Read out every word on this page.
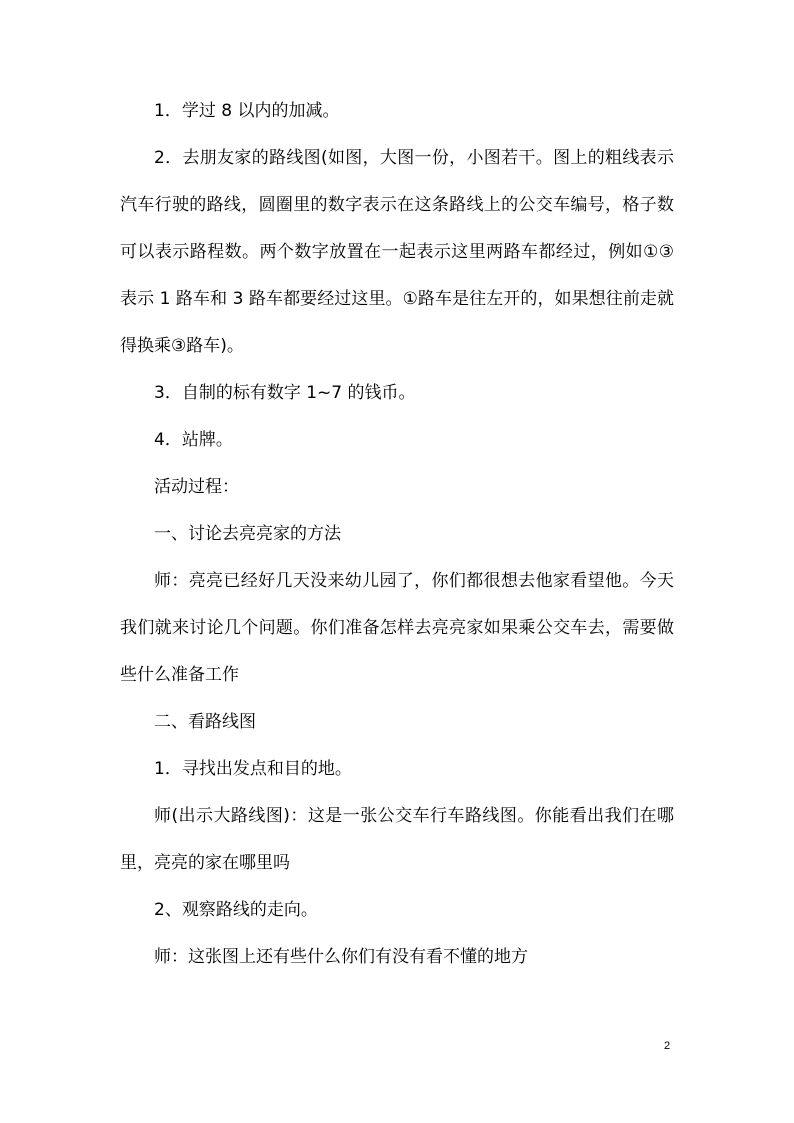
1．学过 8 以内的加减。

2．去朋友家的路线图(如图，大图一份，小图若干。图上的粗线表示汽车行驶的路线，圆圈里的数字表示在这条路线上的公交车编号，格子数可以表示路程数。两个数字放置在一起表示这里两路车都经过，例如①③表示 1 路车和 3 路车都要经过这里。①路车是往左开的，如果想往前走就得换乘③路车)。

3．自制的标有数字 1~7 的钱币。

4．站牌。

活动过程：

一、讨论去亮亮家的方法

师：亮亮已经好几天没来幼儿园了，你们都很想去他家看望他。今天我们就来讨论几个问题。你们准备怎样去亮亮家如果乘公交车去，需要做些什么准备工作

二、看路线图

1．寻找出发点和目的地。

师(出示大路线图)：这是一张公交车行车路线图。你能看出我们在哪里，亮亮的家在哪里吗

2、观察路线的走向。

师：这张图上还有些什么你们有没有看不懂的地方

2
